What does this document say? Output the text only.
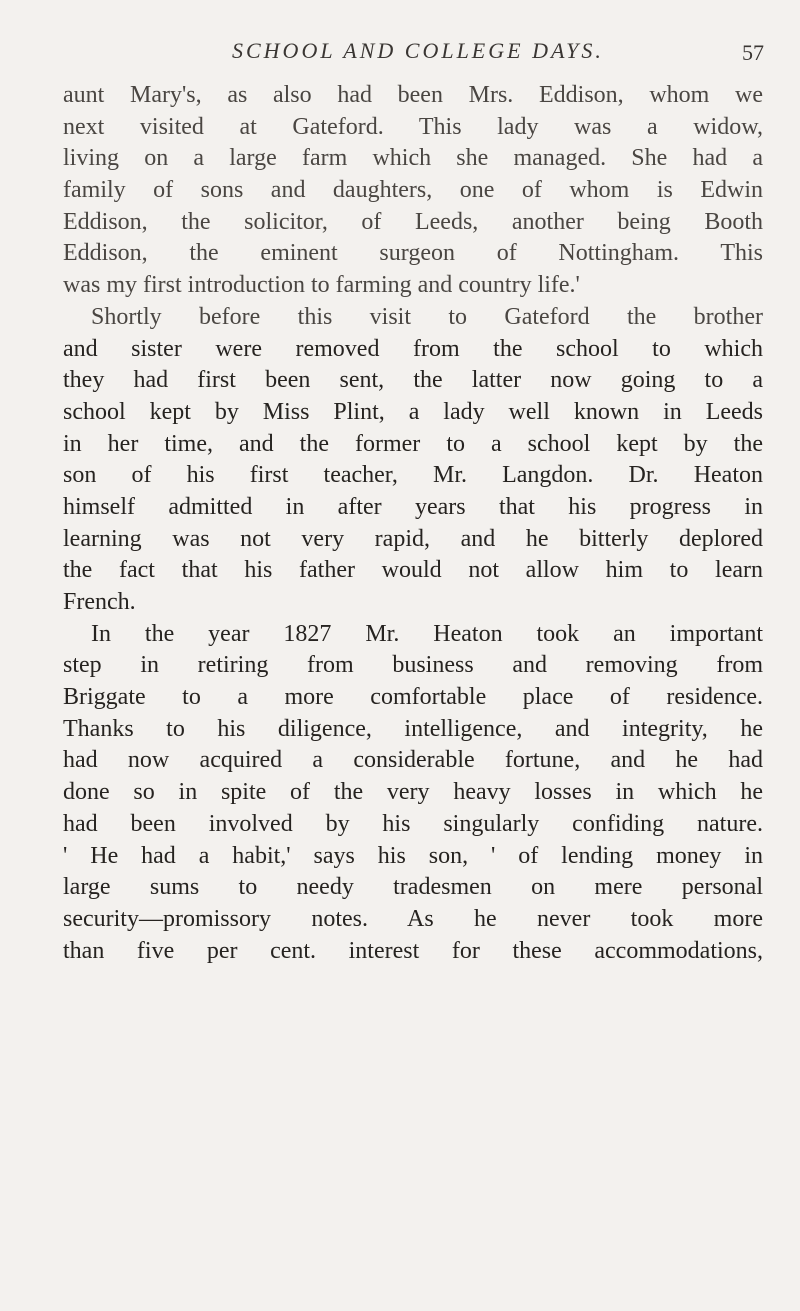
SCHOOL AND COLLEGE DAYS.	57
aunt Mary's, as also had been Mrs. Eddison, whom we
next visited at Gateford. This lady was a widow,
living on a large farm which she managed. She had a
family of sons and daughters, one of whom is Edwin
Eddison, the solicitor, of Leeds, another being Booth
Eddison, the eminent surgeon of Nottingham. This
was my first introduction to farming and country life.'
Shortly before this visit to Gateford the brother
and sister were removed from the school to which
they had first been sent, the latter now going to a
school kept by Miss Plint, a lady well known in Leeds
in her time, and the former to a school kept by the
son of his first teacher, Mr. Langdon. Dr. Heaton
himself admitted in after years that his progress in
learning was not very rapid, and he bitterly deplored
the fact that his father would not allow him to learn
French.
In the year 1827 Mr. Heaton took an important
step in retiring from business and removing from
Briggate to a more comfortable place of residence.
Thanks to his diligence, intelligence, and integrity, he
had now acquired a considerable fortune, and he had
done so in spite of the very heavy losses in which he
had been involved by his singularly confiding nature.
' He had a habit,' says his son, ' of lending money in
large sums to needy tradesmen on mere personal
security—promissory notes. As he never took more
than five per cent. interest for these accommodations,
